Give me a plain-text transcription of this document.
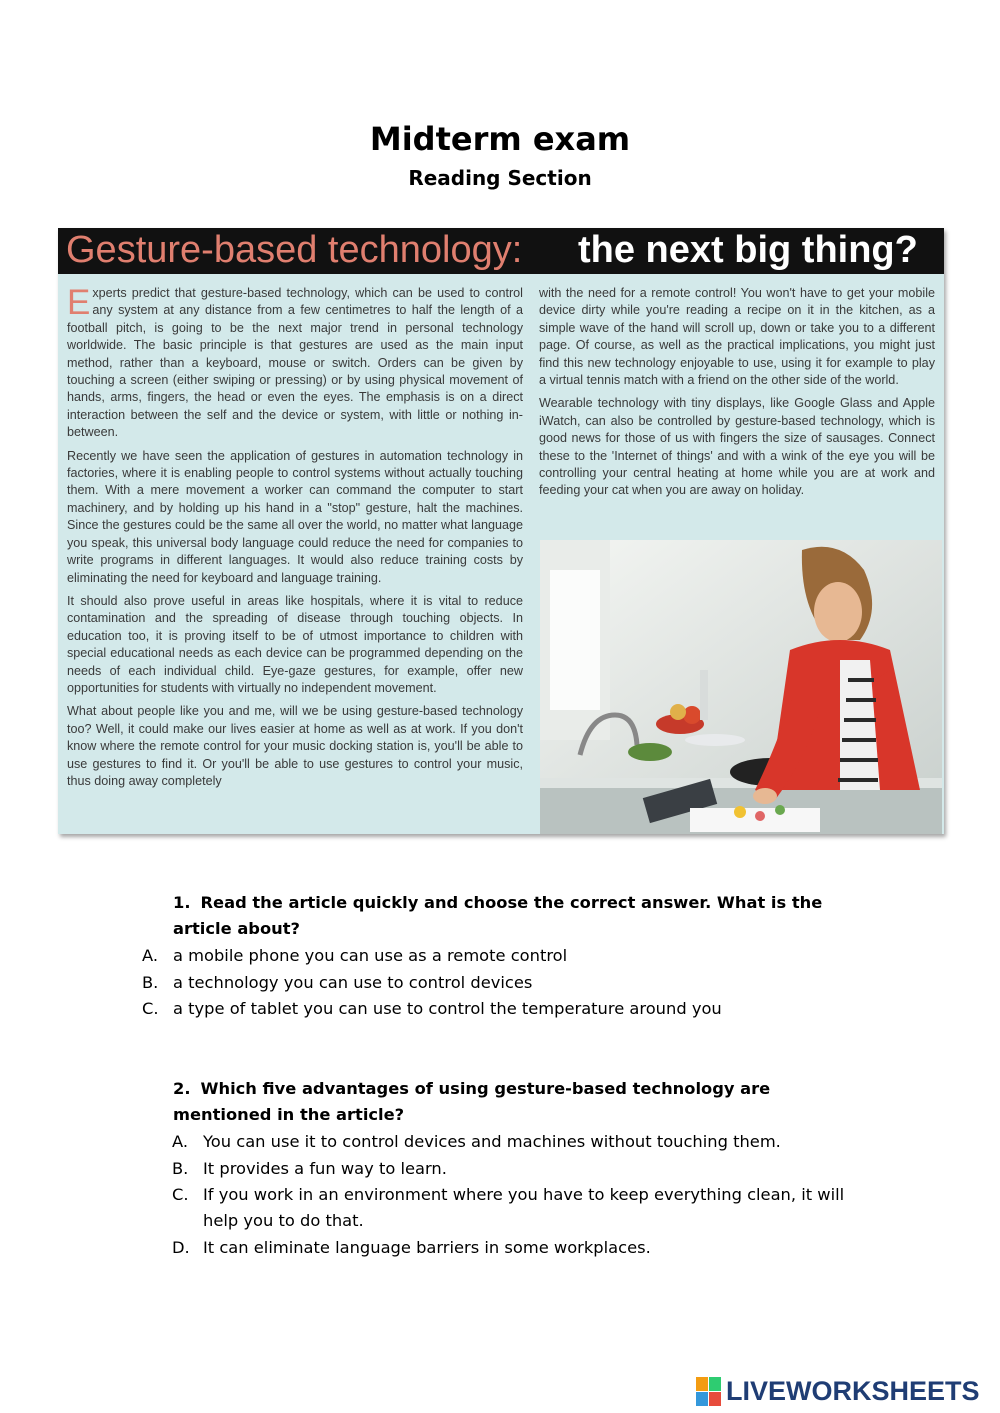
Midterm exam
Reading Section
Gesture-based technology: the next big thing?

Experts predict that gesture-based technology, which can be used to control any system at any distance from a few centimetres to half the length of a football pitch, is going to be the next major trend in personal technology worldwide. The basic principle is that gestures are used as the main input method, rather than a keyboard, mouse or switch. Orders can be given by touching a screen (either swiping or pressing) or by using physical movement of hands, arms, fingers, the head or even the eyes. The emphasis is on a direct interaction between the self and the device or system, with little or nothing in-between.

Recently we have seen the application of gestures in automation technology in factories, where it is enabling people to control systems without actually touching them. With a mere movement a worker can command the computer to start machinery, and by holding up his hand in a "stop" gesture, halt the machines. Since the gestures could be the same all over the world, no matter what language you speak, this universal body language could reduce the need for companies to write programs in different languages. It would also reduce training costs by eliminating the need for keyboard and language training.

It should also prove useful in areas like hospitals, where it is vital to reduce contamination and the spreading of disease through touching objects. In education too, it is proving itself to be of utmost importance to children with special educational needs as each device can be programmed depending on the needs of each individual child. Eye-gaze gestures, for example, offer new opportunities for students with virtually no independent movement.

What about people like you and me, will we be using gesture-based technology too? Well, it could make our lives easier at home as well as at work. If you don't know where the remote control for your music docking station is, you'll be able to use gestures to find it. Or you'll be able to use gestures to control your music, thus doing away completely

with the need for a remote control! You won't have to get your mobile device dirty while you're reading a recipe on it in the kitchen, as a simple wave of the hand will scroll up, down or take you to a different page. Of course, as well as the practical implications, you might just find this new technology enjoyable to use, using it for example to play a virtual tennis match with a friend on the other side of the world.

Wearable technology with tiny displays, like Google Glass and Apple iWatch, can also be controlled by gesture-based technology, which is good news for those of us with fingers the size of sausages. Connect these to the 'Internet of things' and with a wink of the eye you will be controlling your central heating at home while you are at work and feeding your cat when you are away on holiday.

1. Read the article quickly and choose the correct answer. What is the article about?
A. a mobile phone you can use as a remote control
B. a technology you can use to control devices
C. a type of tablet you can use to control the temperature around you
2. Which five advantages of using gesture-based technology are mentioned in the article?
A. You can use it to control devices and machines without touching them.
B. It provides a fun way to learn.
C. If you work in an environment where you have to keep everything clean, it will help you to do that.
D. It can eliminate language barriers in some workplaces.
LIVEWORKSHEETS
